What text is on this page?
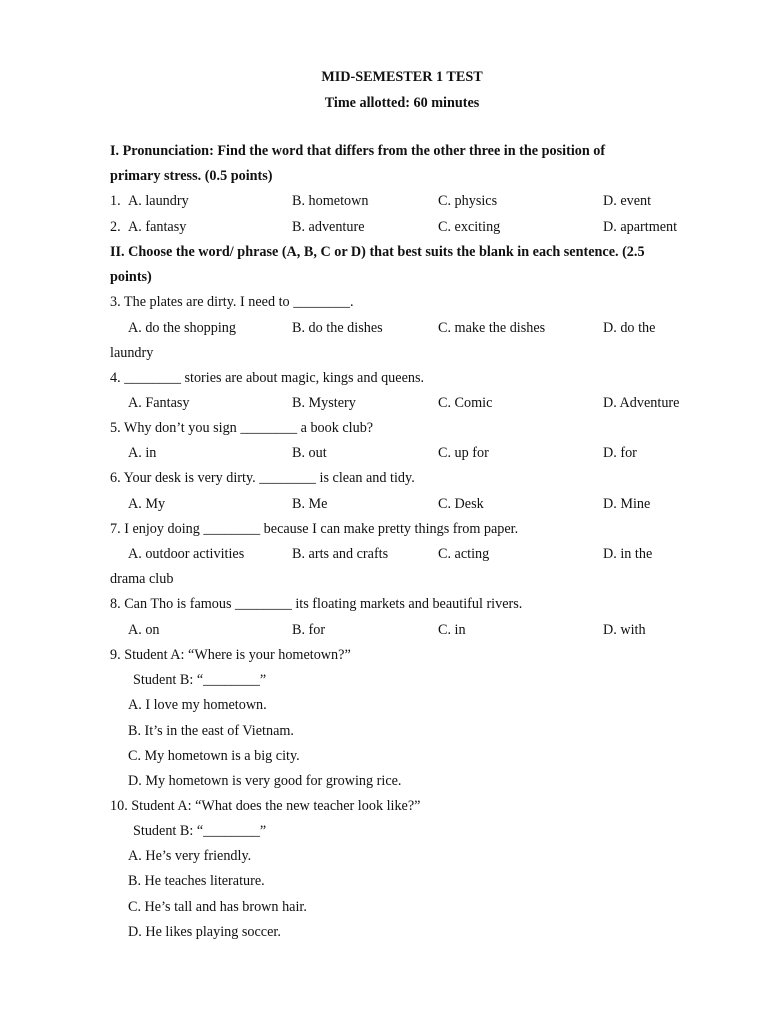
MID-SEMESTER 1 TEST
Time allotted: 60 minutes
I. Pronunciation: Find the word that differs from the other three in the position of
primary stress. (0.5 points)
1. A. laundry	B. hometown	C. physics	D. event
2. A. fantasy	B. adventure	C. exciting	D. apartment
II. Choose the word/ phrase (A, B, C or D) that best suits the blank in each sentence. (2.5
points)
3. The plates are dirty. I need to ________.
A. do the shopping	B. do the dishes	C. make the dishes	D. do the
laundry
4. ________ stories are about magic, kings and queens.
A. Fantasy	B. Mystery	C. Comic	D. Adventure
5. Why don’t you sign ________ a book club?
A. in	B. out	C. up for	D. for
6. Your desk is very dirty. ________ is clean and tidy.
A. My	B. Me	C. Desk	D. Mine
7. I enjoy doing ________ because I can make pretty things from paper.
A. outdoor activities	B. arts and crafts	C. acting	D. in the
drama club
8. Can Tho is famous ________ its floating markets and beautiful rivers.
A. on	B. for	C. in	D. with
9. Student A: “Where is your hometown?”
Student B: “________”
A. I love my hometown.
B. It’s in the east of Vietnam.
C. My hometown is a big city.
D. My hometown is very good for growing rice.
10. Student A: “What does the new teacher look like?”
Student B: “________”
A. He’s very friendly.
B. He teaches literature.
C. He’s tall and has brown hair.
D. He likes playing soccer.
